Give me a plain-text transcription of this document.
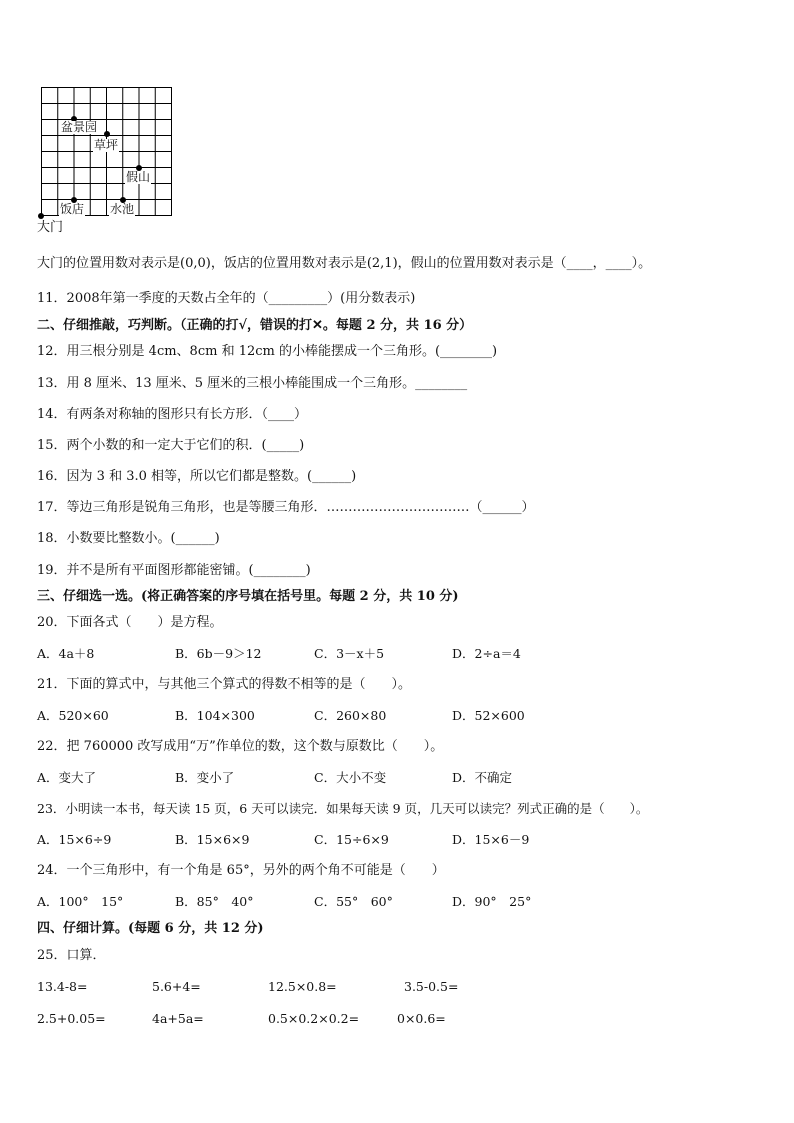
盆景园
草坪
假山
饭店 水池
大门
大门的位置用数对表示是(0,0)，饭店的位置用数对表示是(2,1)，假山的位置用数对表示是（____，____）。
11．2008年第一季度的天数占全年的（_________）(用分数表示)
二、仔细推敲，巧判断。（正确的打√，错误的打✕。每题 2 分，共 16 分）
12．用三根分别是 4cm、8cm 和 12cm 的小棒能摆成一个三角形。(________)
13．用 8 厘米、13 厘米、5 厘米的三根小棒能围成一个三角形。________
14．有两条对称轴的图形只有长方形．（____）
15．两个小数的和一定大于它们的积．(_____)
16．因为 3 和 3.0 相等，所以它们都是整数。(______)
17．等边三角形是锐角三角形，也是等腰三角形．……………………………（______）
18．小数要比整数小。(______)
19．并不是所有平面图形都能密铺。(________)
三、仔细选一选。(将正确答案的序号填在括号里。每题 2 分，共 10 分)
20．下面各式（　　）是方程。
A．4a＋8	B．6b－9＞12	C．3－x＋5	D．2÷a＝4
21．下面的算式中，与其他三个算式的得数不相等的是（　　）。
A．520×60	B．104×300	C．260×80	D．52×600
22．把 760000 改写成用“万”作单位的数，这个数与原数比（　　）。
A．变大了	B．变小了	C．大小不变	D．不确定
23．小明读一本书，每天读 15 页，6 天可以读完．如果每天读 9 页，几天可以读完？列式正确的是（　　）。
A．15×6÷9	B．15×6×9	C．15÷6×9	D．15×6－9
24．一个三角形中，有一个角是 65°，另外的两个角不可能是（　　）
A．100°　15°	B．85°　40°	C．55°　60°	D．90°　25°
四、仔细计算。(每题 6 分，共 12 分)
25．口算．
13.4-8=	5.6+4=	12.5×0.8=	3.5-0.5=
2.5+0.05=	4a+5a=	0.5×0.2×0.2=	0×0.6=
